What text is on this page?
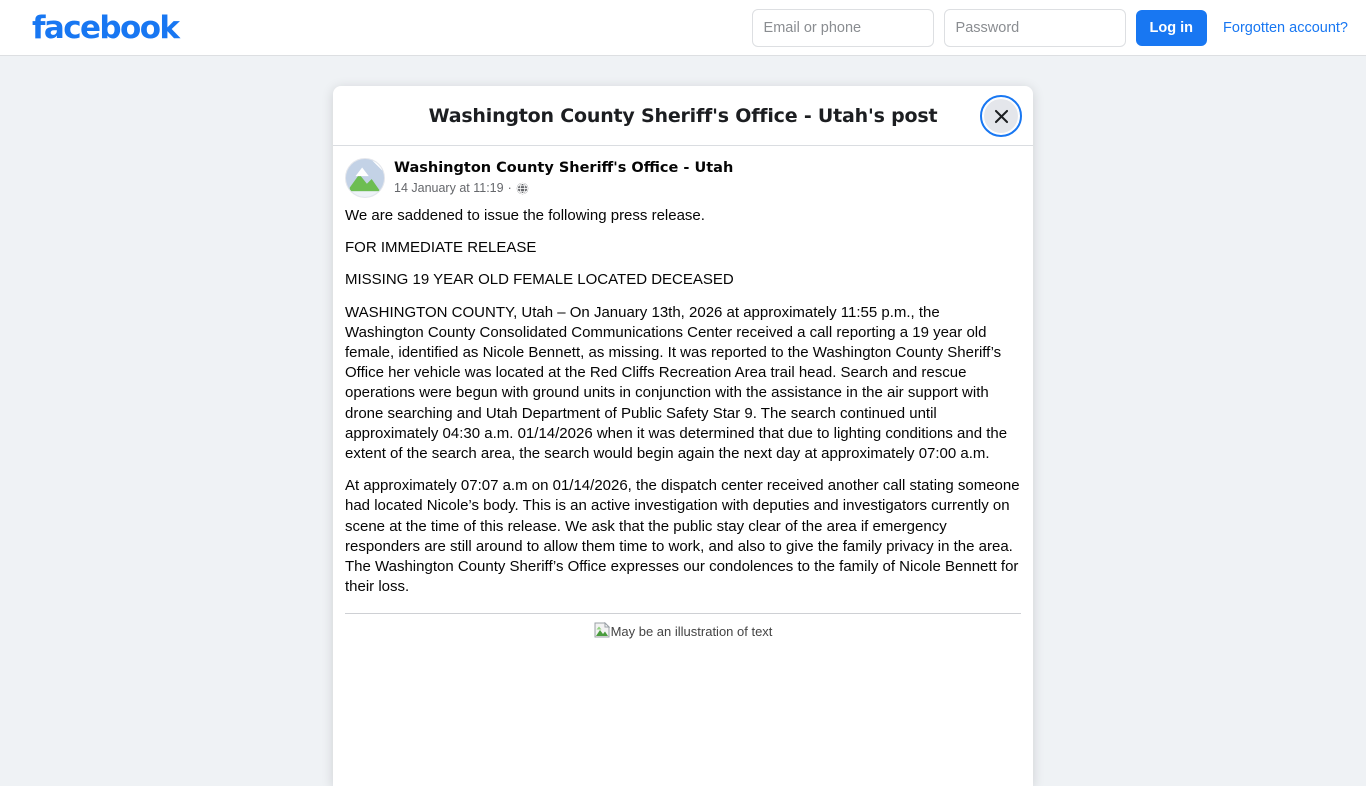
facebook
Email or phone	Log in	Forgotten account?
Washington County Sheriff's Office - Utah's post
Washington County Sheriff's Office - Utah
14 January at 11:19 ·

We are saddened to issue the following press release.

FOR IMMEDIATE RELEASE

MISSING 19 YEAR OLD FEMALE LOCATED DECEASED

WASHINGTON COUNTY, Utah – On January 13th, 2026 at approximately 11:55 p.m., the Washington County Consolidated Communications Center received a call reporting a 19 year old female, identified as Nicole Bennett, as missing. It was reported to the Washington County Sheriff’s Office her vehicle was located at the Red Cliffs Recreation Area trail head. Search and rescue operations were begun with ground units in conjunction with the assistance in the air support with drone searching and Utah Department of Public Safety Star 9. The search continued until approximately 04:30 a.m. 01/14/2026 when it was determined that due to lighting conditions and the extent of the search area, the search would begin again the next day at approximately 07:00 a.m.

At approximately 07:07 a.m on 01/14/2026, the dispatch center received another call stating someone had located Nicole’s body. This is an active investigation with deputies and investigators currently on scene at the time of this release. We ask that the public stay clear of the area if emergency responders are still around to allow them time to work, and also to give the family privacy in the area. The Washington County Sheriff’s Office expresses our condolences to the family of Nicole Bennett for their loss.

May be an illustration of text
